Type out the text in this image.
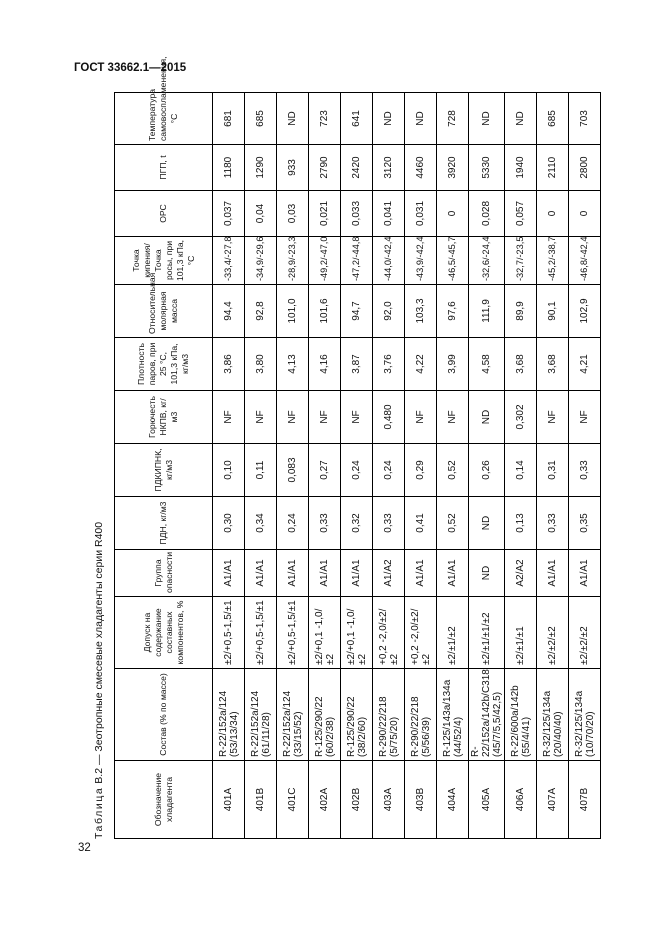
ГОСТ 33662.1—2015
Таблица В.2 — Зеотропные смесевые хладагенты серии R400
Обозначение хладагента	Состав (% по массе)	Допуск на содержание составных компонентов, %	Группа опасности	ПДН, кг/м3	ПДКИПНК, кг/м3	Горючесть НКПВ, кг/м3	Плотность паров, при 25 °С, 101,3 кПа, кг/м3	Относительная молярная масса	Точка кипения/Точка росы, при 101,3 кПа, °С	ОРС	ПГП, t	Температура самовоспламенения, °С
401A	R-22/152a/124 (53/13/34)	±2/+0,5-1,5/±1	A1/A1	0,30	0,10	NF	3,86	94,4	-33,4/-27,8	0,037	1180	681
401B	R-22/152a/124 (61/11/28)	±2/+0,5-1,5/±1	A1/A1	0,34	0,11	NF	3,80	92,8	-34,9/-29,6	0,04	1290	685
401C	R-22/152a/124 (33/15/52)	±2/+0,5-1,5/±1	A1/A1	0,24	0,083	NF	4,13	101,0	-28,9/-23,3	0,03	933	ND
402A	R-125/290/22 (60/2/38)	±2/+0,1 -1,0/±2	A1/A1	0,33	0,27	NF	4,16	101,6	-49,2/-47,0	0,021	2790	723
402B	R-125/290/22 (38/2/60)	±2/+0,1 -1,0/±2	A1/A1	0,32	0,24	NF	3,87	94,7	-47,2/-44,8	0,033	2420	641
403A	R-290/22/218 (5/75/20)	+0,2 -2,0/±2/±2	A1/A2	0,33	0,24	0,480	3,76	92,0	-44,0/-42,4	0,041	3120	ND
403B	R-290/22/218 (5/56/39)	+0,2 -2,0/±2/±2	A1/A1	0,41	0,29	NF	4,22	103,3	-43,9/-42,4	0,031	4460	ND
404A	R-125/143a/134a (44/52/4)	±2/±1/±2	A1/A1	0,52	0,52	NF	3,99	97,6	-46,5/-45,7	0	3920	728
405A	R-22/152a/142b/C318 (45/7/5,5/42,5)	±2/±1/±1/±2	ND	ND	0,26	ND	4,58	111,9	-32,6/-24,4	0,028	5330	ND
406A	R-22/600a/142b (55/4/41)	±2/±1/±1	A2/A2	0,13	0,14	0,302	3,68	89,9	-32,7/-23,5	0,057	1940	ND
407A	R-32/125/134a (20/40/40)	±2/±2/±2	A1/A1	0,33	0,31	NF	3,68	90,1	-45,2/-38,7	0	2110	685
407B	R-32/125/134a (10/70/20)	±2/±2/±2	A1/A1	0,35	0,33	NF	4,21	102,9	-46,8/-42,4	0	2800	703
32
